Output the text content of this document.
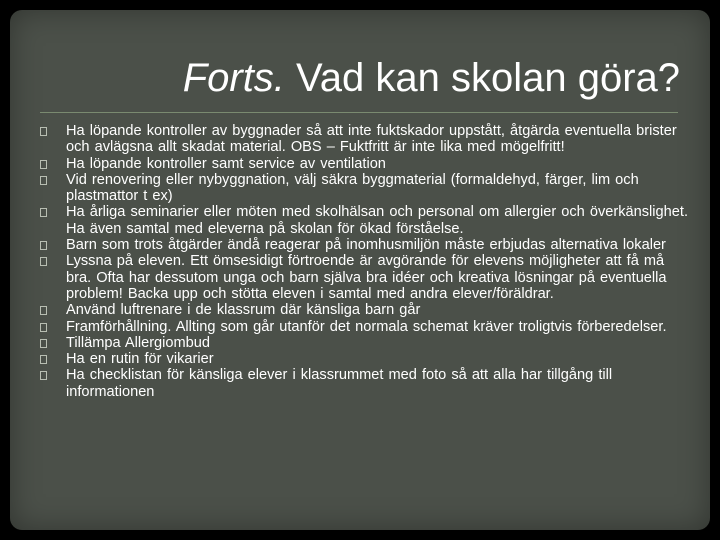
Forts. Vad kan skolan göra?
Ha löpande kontroller av byggnader så att inte fuktskador uppstått, åtgärda eventuella brister och avlägsna allt skadat material. OBS – Fuktfritt är inte lika med mögelfritt!
Ha löpande kontroller samt service av ventilation
Vid renovering eller nybyggnation, välj säkra byggmaterial (formaldehyd, färger, lim och plastmattor t ex)
Ha årliga seminarier eller möten med skolhälsan och personal om allergier och överkänslighet. Ha även samtal med eleverna på skolan för ökad förståelse.
Barn som trots åtgärder ändå reagerar på inomhusmiljön måste erbjudas alternativa lokaler
Lyssna på eleven. Ett ömsesidigt förtroende är avgörande för elevens möjligheter att få må bra. Ofta har dessutom unga och barn själva bra idéer och kreativa lösningar på eventuella problem! Backa upp och stötta eleven i samtal med andra elever/föräldrar.
Använd luftrenare i de klassrum där känsliga barn går
Framförhållning. Allting som går utanför det normala schemat kräver troligtvis förberedelser.
Tillämpa Allergiombud
Ha en rutin för vikarier
Ha checklistan för känsliga elever i klassrummet med foto så att alla har tillgång till informationen
